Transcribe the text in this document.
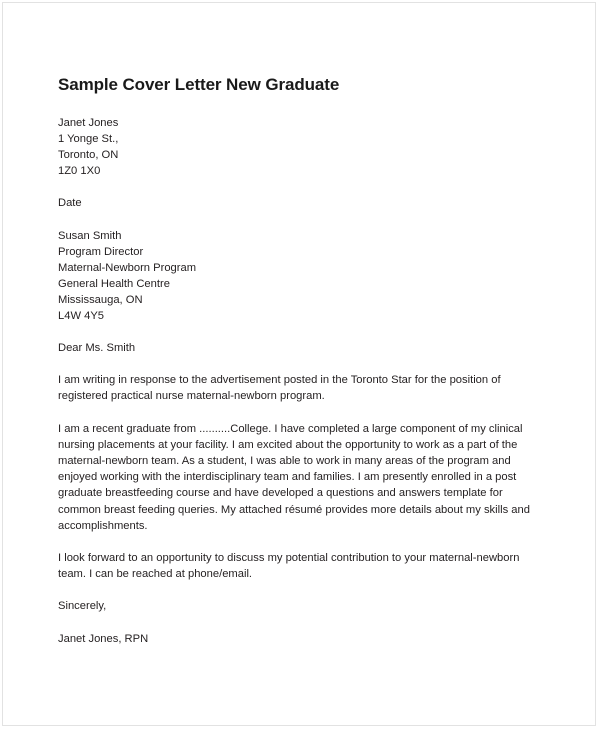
Sample Cover Letter New Graduate
Janet Jones
1 Yonge St.,
Toronto, ON
1Z0 1X0
Date
Susan Smith
Program Director
Maternal-Newborn Program
General Health Centre
Mississauga, ON
L4W 4Y5

Dear Ms. Smith

I am writing in response to the advertisement posted in the Toronto Star for the position of registered practical nurse maternal-newborn program.

I am a recent graduate from ..........College. I have completed a large component of my clinical nursing placements at your facility. I am excited about the opportunity to work as a part of the maternal-newborn team. As a student, I was able to work in many areas of the program and enjoyed working with the interdisciplinary team and families. I am presently enrolled in a post graduate breastfeeding course and have developed a questions and answers template for common breast feeding queries. My attached résumé provides more details about my skills and accomplishments.

I look forward to an opportunity to discuss my potential contribution to your maternal-newborn team. I can be reached at phone/email.

Sincerely,

Janet Jones, RPN
